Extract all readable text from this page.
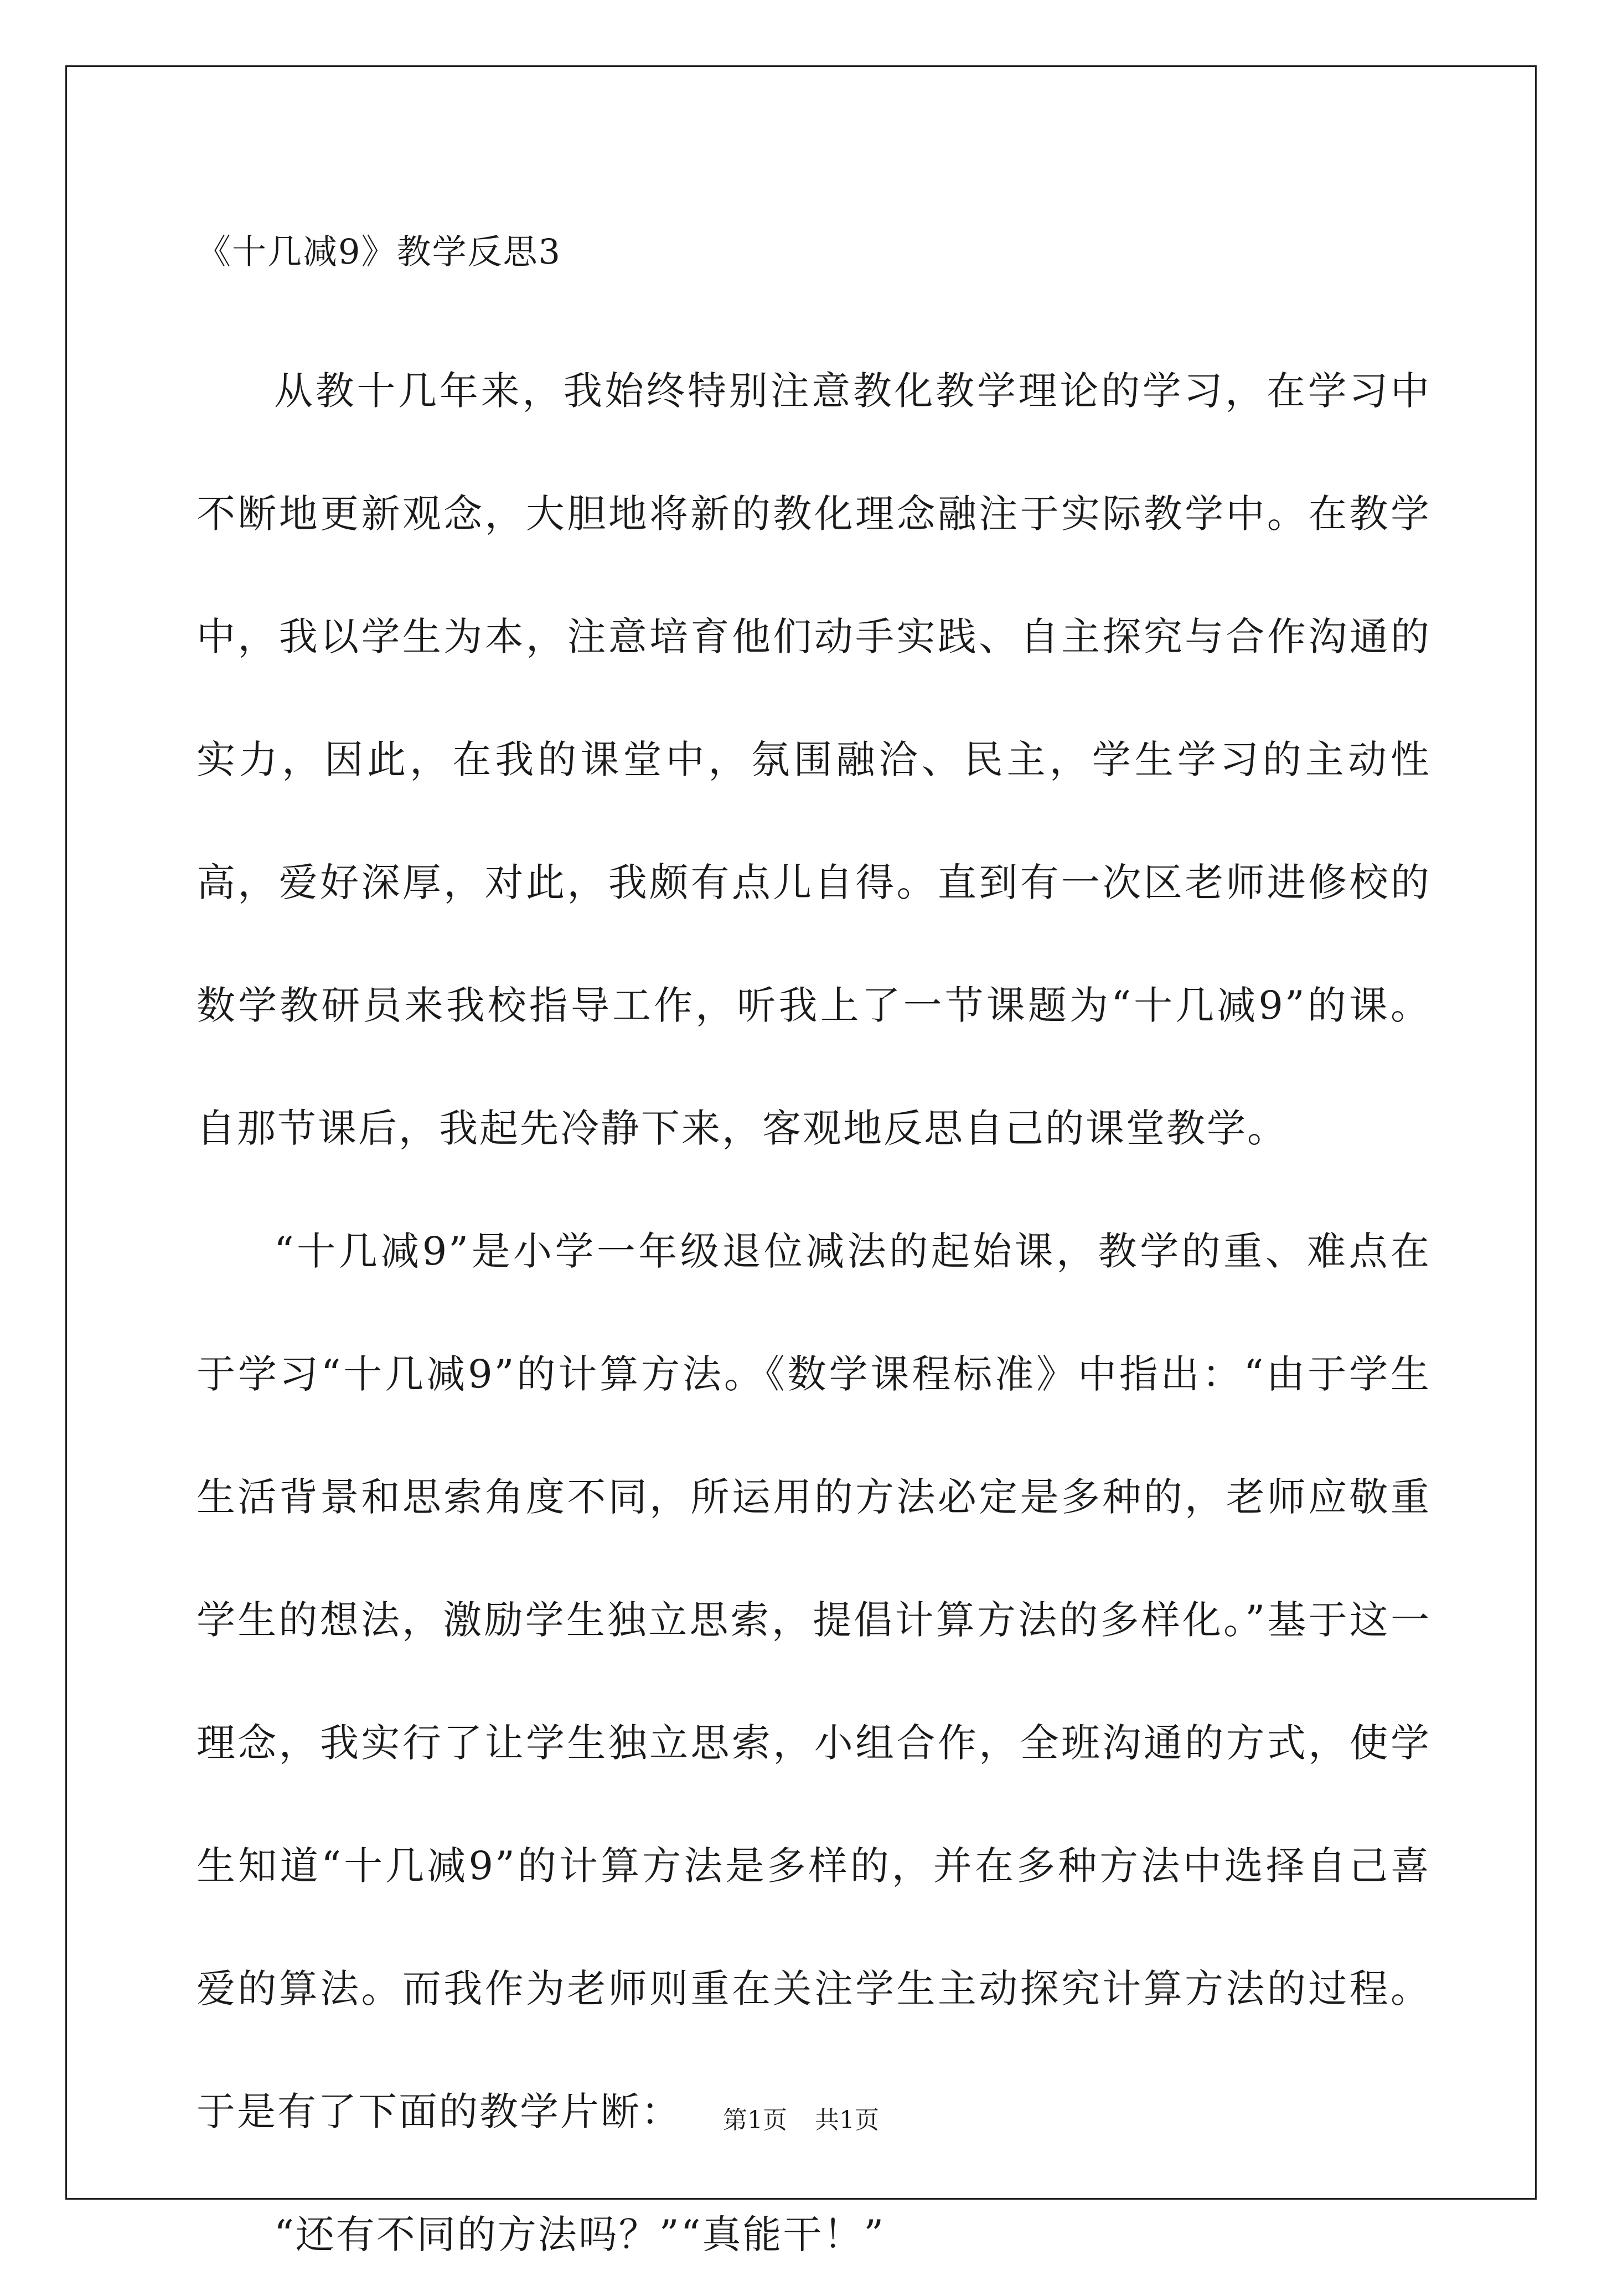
《十几减9》教学反思3

从教十几年来，我始终特别注意教化教学理论的学习，在学习中不断地更新观念，大胆地将新的教化理念融注于实际教学中。在教学中，我以学生为本，注意培育他们动手实践、自主探究与合作沟通的实力，因此，在我的课堂中，氛围融洽、民主，学生学习的主动性高，爱好深厚，对此，我颇有点儿自得。直到有一次区老师进修校的数学教研员来我校指导工作，听我上了一节课题为“十几减9”的课。自那节课后，我起先冷静下来，客观地反思自己的课堂教学。

“十几减9”是小学一年级退位减法的起始课，教学的重、难点在于学习“十几减9”的计算方法。《数学课程标准》中指出：“由于学生生活背景和思索角度不同，所运用的方法必定是多种的，老师应敬重学生的想法，激励学生独立思索，提倡计算方法的多样化。”基于这一理念，我实行了让学生独立思索，小组合作，全班沟通的方式，使学生知道“十几减9”的计算方法是多样的，并在多种方法中选择自己喜爱的算法。而我作为老师则重在关注学生主动探究计算方法的过程。于是有了下面的教学片断：

“还有不同的方法吗？”“真能干！”

第1页 共1页
